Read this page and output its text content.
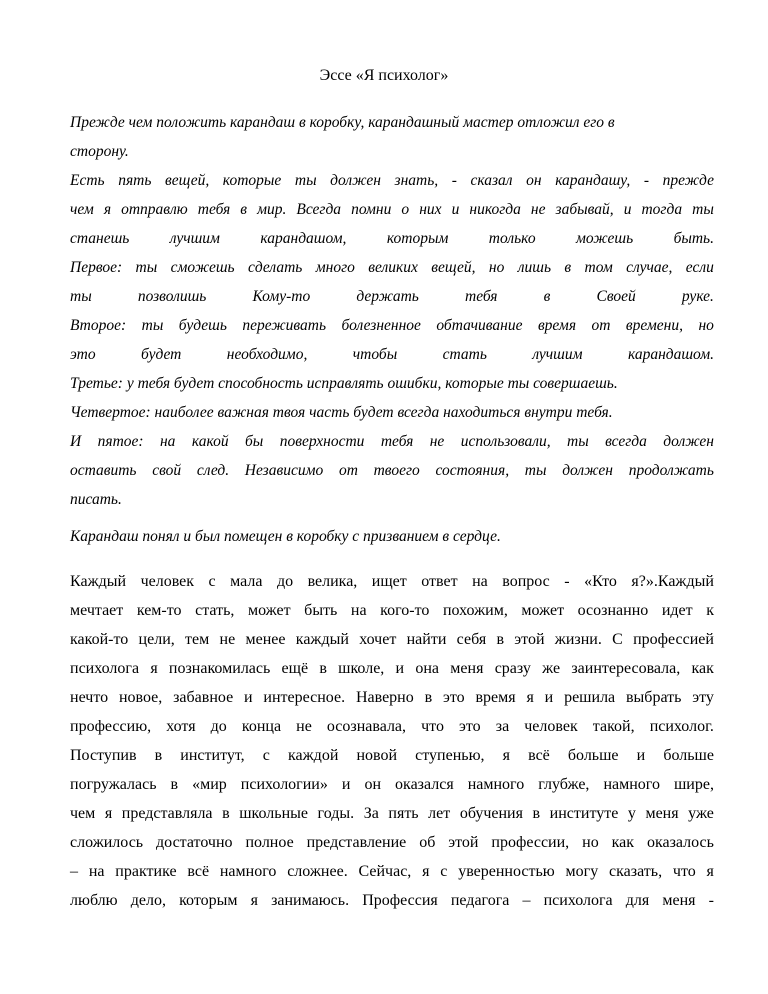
Эссе «Я психолог»
Прежде чем положить карандаш в коробку, карандашный мастер отложил его в
сторону.
Есть пять вещей, которые ты должен знать, - сказал он карандашу, - прежде
чем я отправлю тебя в мир. Всегда помни о них и никогда не забывай, и тогда ты
станешь	лучшим	карандашом,	которым	только	можешь	быть.
Первое: ты сможешь сделать много великих вещей, но лишь в том случае, если
ты	позволишь	Кому-то	держать	тебя	в	Своей	руке.
Второе: ты будешь переживать болезненное обтачивание время от времени, но
это	будет	необходимо,	чтобы	стать	лучшим	карандашом.
Третье: у тебя будет способность исправлять ошибки, которые ты совершаешь.
Четвертое: наиболее важная твоя часть будет всегда находиться внутри тебя.
И пятое: на какой бы поверхности тебя не использовали, ты всегда должен
оставить свой след. Независимо от твоего состояния, ты должен продолжать
писать.
Карандаш понял и был помещен в коробку с призванием в сердце.
Каждый человек с мала до велика, ищет ответ на вопрос - «Кто я?».Каждый
мечтает кем-то стать, может быть на кого-то похожим, может осознанно идет к
какой-то цели, тем не менее каждый хочет найти себя в этой жизни. С профессией
психолога я познакомилась ещё в школе, и она меня сразу же заинтересовала, как
нечто новое, забавное и интересное. Наверно в это время я и решила выбрать эту
профессию, хотя до конца не осознавала, что это за человек такой, психолог.
Поступив в институт, с каждой новой ступенью, я всё больше и больше
погружалась в «мир психологии» и он оказался намного глубже, намного шире,
чем я представляла в школьные годы. За пять лет обучения в институте у меня уже
сложилось достаточно полное представление об этой профессии, но как оказалось
– на практике всё намного сложнее. Сейчас, я с уверенностью могу сказать, что я
люблю дело, которым я занимаюсь. Профессия педагога – психолога для меня -
